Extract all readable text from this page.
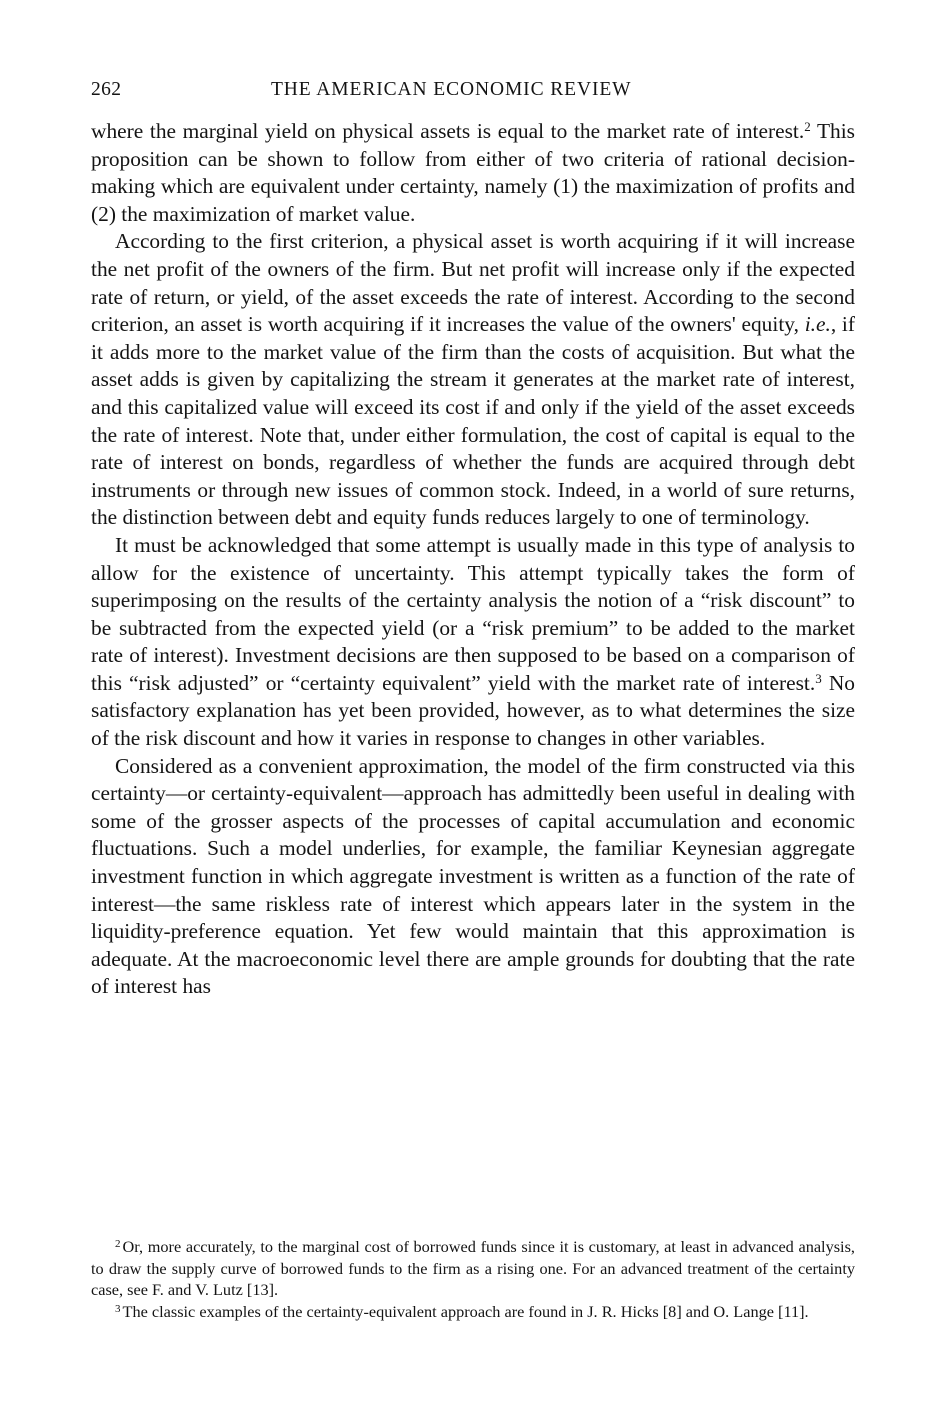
262	THE AMERICAN ECONOMIC REVIEW

where the marginal yield on physical assets is equal to the market rate of interest.$^2$ This proposition can be shown to follow from either of two criteria of rational decision-making which are equivalent under certainty, namely (1) the maximization of profits and (2) the maximization of market value.

According to the first criterion, a physical asset is worth acquiring if it will increase the net profit of the owners of the firm. But net profit will increase only if the expected rate of return, or yield, of the asset exceeds the rate of interest. According to the second criterion, an asset is worth acquiring if it increases the value of the owners' equity, i.e., if it adds more to the market value of the firm than the costs of acquisition. But what the asset adds is given by capitalizing the stream it generates at the market rate of interest, and this capitalized value will exceed its cost if and only if the yield of the asset exceeds the rate of interest. Note that, under either formulation, the cost of capital is equal to the rate of interest on bonds, regardless of whether the funds are acquired through debt instruments or through new issues of common stock. Indeed, in a world of sure returns, the distinction between debt and equity funds reduces largely to one of terminology.

It must be acknowledged that some attempt is usually made in this type of analysis to allow for the existence of uncertainty. This attempt typically takes the form of superimposing on the results of the certainty analysis the notion of a “risk discount” to be subtracted from the expected yield (or a “risk premium” to be added to the market rate of interest). Investment decisions are then supposed to be based on a comparison of this “risk adjusted” or “certainty equivalent” yield with the market rate of interest.$^3$ No satisfactory explanation has yet been provided, however, as to what determines the size of the risk discount and how it varies in response to changes in other variables.

Considered as a convenient approximation, the model of the firm constructed via this certainty—or certainty-equivalent—approach has admittedly been useful in dealing with some of the grosser aspects of the processes of capital accumulation and economic fluctuations. Such a model underlies, for example, the familiar Keynesian aggregate investment function in which aggregate investment is written as a function of the rate of interest—the same riskless rate of interest which appears later in the system in the liquidity-preference equation. Yet few would maintain that this approximation is adequate. At the macroeconomic level there are ample grounds for doubting that the rate of interest has

$^2$ Or, more accurately, to the marginal cost of borrowed funds since it is customary, at least in advanced analysis, to draw the supply curve of borrowed funds to the firm as a rising one. For an advanced treatment of the certainty case, see F. and V. Lutz [13].

$^3$ The classic examples of the certainty-equivalent approach are found in J. R. Hicks [8] and O. Lange [11].
